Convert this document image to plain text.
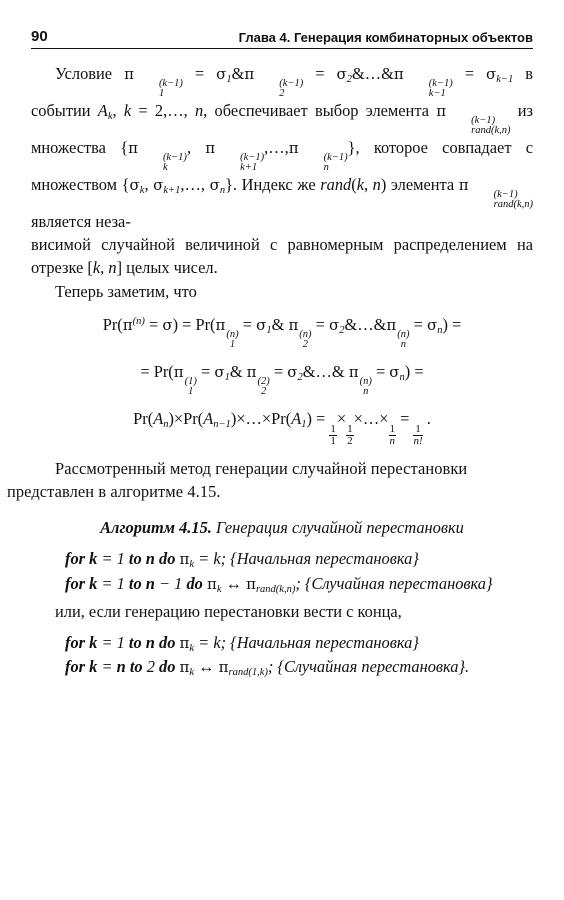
90	Глава 4. Генерация комбинаторных объектов

Условие π
(k−1)
1
= $\sigma_1\&\pi$
(k−1)
2
= $\sigma_2\&\dots\&\pi$
(k−1)
k−1
= $\sigma_{k-1}$ в событии $A_k$, k = 2,…, n, обеспечивает выбор элемента π
(k−1)
rand(k,n)
из множества {π
(k−1)
k
, π
(k−1)
k+1
,…,π
(k−1)
n
}, которое совпадает с множеством {$\sigma_k$, $\sigma_{k+1},\dots$, $\sigma_n$}. Индекс же rand(k, n) элемента π
(k−1)
rand(k,n)
является неза-
висимой случайной величиной с равномерным распределением на отрезке [k, n] целых чисел.

Теперь заметим, что

$Pr(\pi^{(n)} = \sigma) = Pr(\pi$
(n)
1
= $\sigma_1\&$ π
(n)
2
= $\sigma_2\&\dots\&\pi$
(n)
n
= $\sigma_n$) =
= Pr(π
(1)
1
= $\sigma_1\&$ π
(2)
2
= $\sigma_2\&\dots\&$ π
(n)
n
= $\sigma_n$) =
$Pr(A_n)\times Pr(A_{n-1})\times\dots\times Pr(A_1)$ =
$\frac{1}{1}$
×
$\frac{1}{2}$
×…×
$\frac{1}{n}$
=
$\frac{1}{n!}$
.

Рассмотренный метод генерации случайной перестановки
представлен в алгоритме 4.15.

Алгоритм 4.15. Генерация случайной перестановки
for k = 1 to n do $\pi_k = k$; {Начальная перестановка}
for k = 1 to n − 1 do $\pi_k$ ↔ $\pi_{rand(k,n)}$; {Случайная перестановка}

или, если генерацию перестановки вести с конца,

for k = 1 to n do $\pi_k = k$; {Начальная перестановка}
for k = n to 2 do $\pi_k$ ↔ $\pi_{rand(1,k)}$; {Случайная перестановка}.
